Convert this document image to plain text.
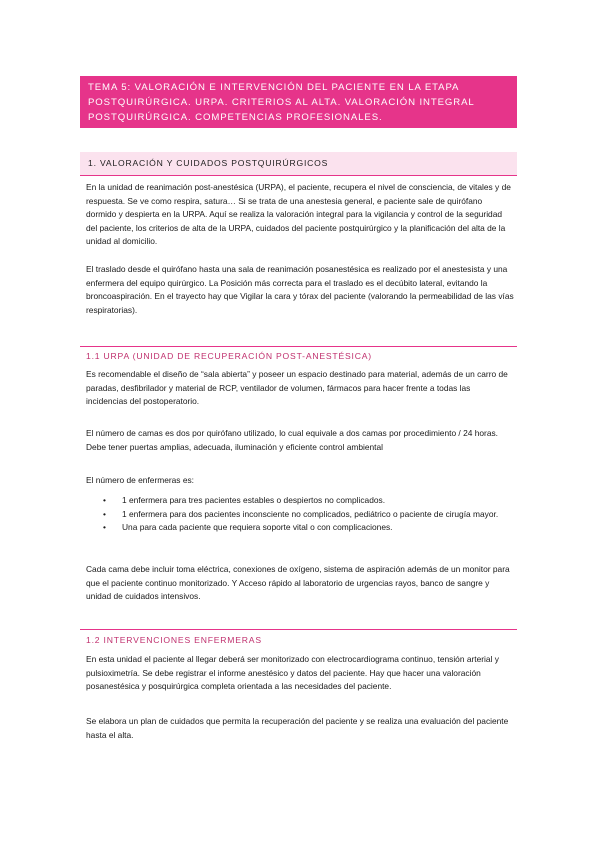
TEMA 5: VALORACIÓN E INTERVENCIÓN DEL PACIENTE EN LA ETAPA POSTQUIRÚRGICA. URPA. CRITERIOS AL ALTA. VALORACIÓN INTEGRAL POSTQUIRÚRGICA. COMPETENCIAS PROFESIONALES.
1. VALORACIÓN Y CUIDADOS POSTQUIRÚRGICOS
En la unidad de reanimación post-anestésica (URPA), el paciente, recupera el nivel de consciencia, de vitales y de respuesta. Se ve como respira, satura… Si se trata de una anestesia general, e paciente sale de quirófano dormido y despierta en la URPA. Aquí se realiza la valoración integral para la vigilancia y control de la seguridad del paciente, los criterios de alta de la URPA, cuidados del paciente postquirúrgico y la planificación del alta de la unidad al domicilio.
El traslado desde el quirófano hasta una sala de reanimación posanestésica es realizado por el anestesista y una enfermera del equipo quirúrgico. La Posición más correcta para el traslado es el decúbito lateral, evitando la broncoaspiración. En el trayecto hay que Vigilar la cara y tórax del paciente (valorando la permeabilidad de las vías respiratorias).
1.1 URPA (UNIDAD DE RECUPERACIÓN POST-ANESTÉSICA)
Es recomendable el diseño de “sala abierta” y poseer un espacio destinado para material, además de un carro de paradas, desfibrilador y material de RCP, ventilador de volumen, fármacos para hacer frente a todas las incidencias del postoperatorio.
El número de camas es dos por quirófano utilizado, lo cual equivale a dos camas por procedimiento / 24 horas. Debe tener puertas amplias, adecuada, iluminación y eficiente control ambiental
El número de enfermeras es:
• 1 enfermera para tres pacientes estables o despiertos no complicados.
• 1 enfermera para dos pacientes inconsciente no complicados, pediátrico o paciente de cirugía mayor.
• Una para cada paciente que requiera soporte vital o con complicaciones.
Cada cama debe incluir toma eléctrica, conexiones de oxígeno, sistema de aspiración además de un monitor para que el paciente continuo monitorizado. Y Acceso rápido al laboratorio de urgencias rayos, banco de sangre y unidad de cuidados intensivos.
1.2 INTERVENCIONES ENFERMERAS
En esta unidad el paciente al llegar deberá ser monitorizado con electrocardiograma continuo, tensión arterial y pulsioximetría. Se debe registrar el informe anestésico y datos del paciente. Hay que hacer una valoración posanestésica y posquirúrgica completa orientada a las necesidades del paciente.
Se elabora un plan de cuidados que permita la recuperación del paciente y se realiza una evaluación del paciente hasta el alta.
